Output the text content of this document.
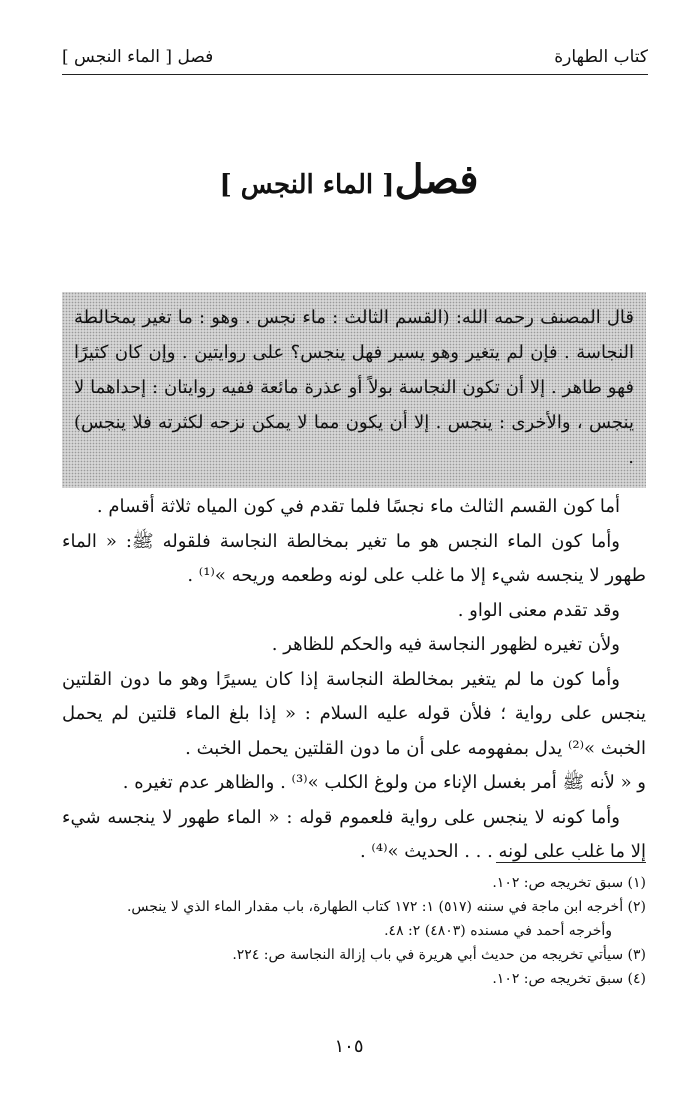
كتاب الطهارة
فصل [ الماء النجس ]
فصل[ الماء النجس ]
قال المصنف رحمه الله: (القسم الثالث : ماء نجس . وهو : ما تغير بمخالطة النجاسة . فإن لم يتغير وهو يسير فهل ينجس؟ على روايتين . وإن كان كثيرًا فهو طاهر . إلا أن تكون النجاسة بولاً أو عذرة مائعة ففيه روايتان : إحداهما لا ينجس ، والأخرى : ينجس . إلا أن يكون مما لا يمكن نزحه لكثرته فلا ينجس) .

أما كون القسم الثالث ماء نجسًا فلما تقدم في كون المياه ثلاثة أقسام .

وأما كون الماء النجس هو ما تغير بمخالطة النجاسة فلقوله ﷺ: « الماء طهور لا ينجسه شيء إلا ما غلب على لونه وطعمه وريحه »⁽¹⁾ .

وقد تقدم معنى الواو .

ولأن تغيره لظهور النجاسة فيه والحكم للظاهر .

وأما كون ما لم يتغير بمخالطة النجاسة إذا كان يسيرًا وهو ما دون القلتين ينجس على رواية ؛ فلأن قوله عليه السلام : « إذا بلغ الماء قلتين لم يحمل الخبث »⁽²⁾ يدل بمفهومه على أن ما دون القلتين يحمل الخبث .

و « لأنه ﷺ أمر بغسل الإناء من ولوغ الكلب »⁽³⁾ . والظاهر عدم تغيره .

وأما كونه لا ينجس على رواية فلعموم قوله : « الماء طهور لا ينجسه شيء إلا ما غلب على لونه . . . الحديث »⁽⁴⁾ .

(١) سبق تخريجه ص: ١٠٢.

(٢) أخرجه ابن ماجة في سننه (٥١٧) ١: ١٧٢ كتاب الطهارة، باب مقدار الماء الذي لا ينجس.

وأخرجه أحمد في مسنده (٤٨٠٣) ٢: ٤٨.

(٣) سيأتي تخريجه من حديث أبي هريرة في باب إزالة النجاسة ص: ٢٢٤.

(٤) سبق تخريجه ص: ١٠٢.

١٠٥
